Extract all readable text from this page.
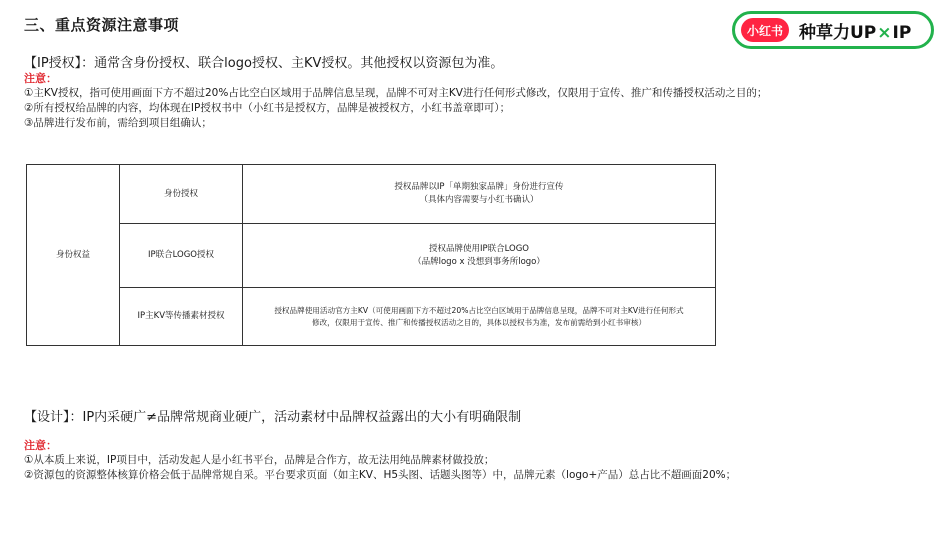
三、重点资源注意事项	小红书 种草力UP×IP
【IP授权】：通常含身份授权、联合logo授权、主KV授权。其他授权以资源包为准。
注意：
①主KV授权，指可使用画面下方不超过20%占比空白区域用于品牌信息呈现，品牌不可对主KV进行任何形式修改，仅限用于宣传、推广和传播授权活动之目的；
②所有授权给品牌的内容，均体现在IP授权书中（小红书是授权方，品牌是被授权方，小红书盖章即可）；
③品牌进行发布前，需给到项目组确认；
身份权益	身份授权	授权品牌以IP「单期独家品牌」身份进行宣传
（具体内容需要与小红书确认）

	IP联合LOGO授权	授权品牌使用IP联合LOGO
（品牌logo x 没想到事务所logo）

	IP主KV等传播素材授权	授权品牌使用活动官方主KV（可使用画面下方不超过20%占比空白区域用于品牌信息呈现，品牌不可对主KV进行任何形式
修改，仅限用于宣传、推广和传播授权活动之目的，具体以授权书为准，发布前需给到小红书审核）
【设计】：IP内采硬广≠品牌常规商业硬广，活动素材中品牌权益露出的大小有明确限制
注意：
①从本质上来说，IP项目中，活动发起人是小红书平台，品牌是合作方，故无法用纯品牌素材做投放；
②资源包的资源整体核算价格会低于品牌常规自采。平台要求页面（如主KV、H5头图、话题头图等）中，品牌元素（logo+产品）总占比不超画面20%；
